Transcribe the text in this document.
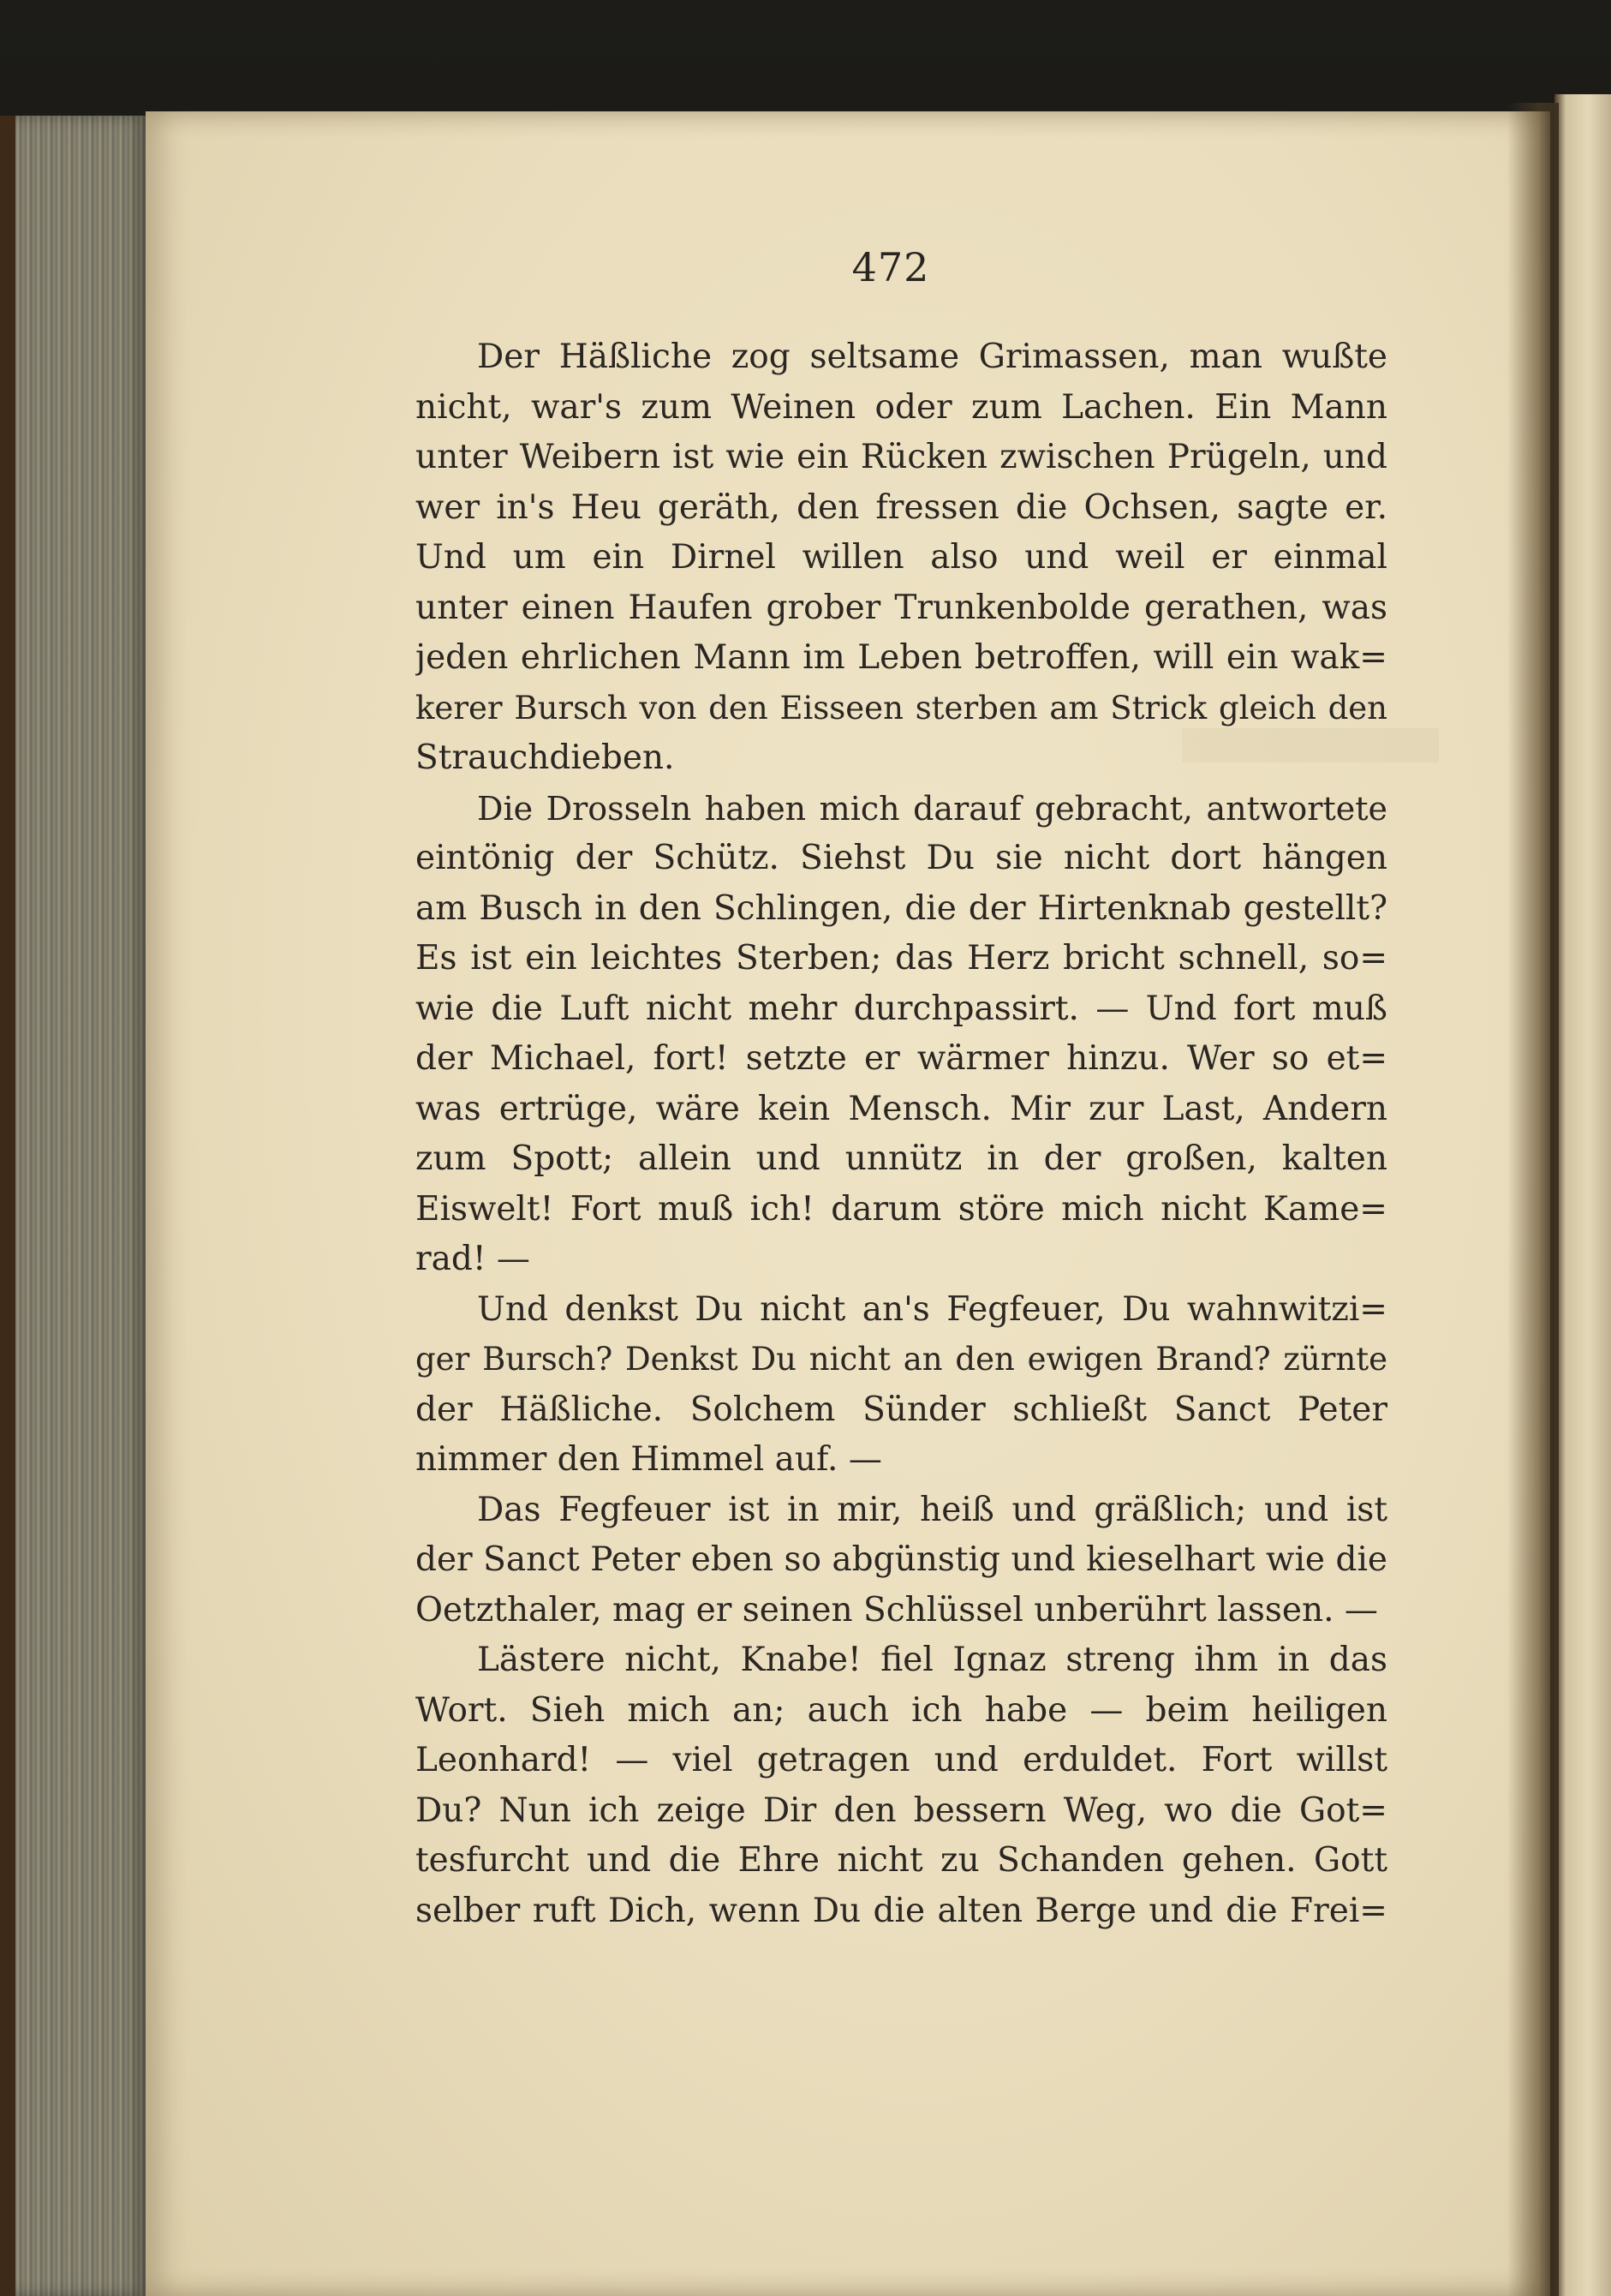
472
Der Häßliche zog seltsame Grimassen, man wußte
nicht, war's zum Weinen oder zum Lachen. Ein Mann
unter Weibern ist wie ein Rücken zwischen Prügeln, und
wer in's Heu geräth, den fressen die Ochsen, sagte er.
Und um ein Dirnel willen also und weil er einmal
unter einen Haufen grober Trunkenbolde gerathen, was
jeden ehrlichen Mann im Leben betroffen, will ein wak=
kerer Bursch von den Eisseen sterben am Strick gleich den
Strauchdieben.
Die Drosseln haben mich darauf gebracht, antwortete
eintönig der Schütz. Siehst Du sie nicht dort hängen
am Busch in den Schlingen, die der Hirtenknab gestellt?
Es ist ein leichtes Sterben; das Herz bricht schnell, so=
wie die Luft nicht mehr durchpassirt. — Und fort muß
der Michael, fort! setzte er wärmer hinzu. Wer so et=
was ertrüge, wäre kein Mensch. Mir zur Last, Andern
zum Spott; allein und unnütz in der großen, kalten
Eiswelt! Fort muß ich! darum störe mich nicht Kame=
rad! —
Und denkst Du nicht an's Fegfeuer, Du wahnwitzi=
ger Bursch? Denkst Du nicht an den ewigen Brand? zürnte
der Häßliche. Solchem Sünder schließt Sanct Peter
nimmer den Himmel auf. —
Das Fegfeuer ist in mir, heiß und gräßlich; und ist
der Sanct Peter eben so abgünstig und kieselhart wie die
Oetzthaler, mag er seinen Schlüssel unberührt lassen. —
Lästere nicht, Knabe! fiel Ignaz streng ihm in das
Wort. Sieh mich an; auch ich habe — beim heiligen
Leonhard! — viel getragen und erduldet. Fort willst
Du? Nun ich zeige Dir den bessern Weg, wo die Got=
tesfurcht und die Ehre nicht zu Schanden gehen. Gott
selber ruft Dich, wenn Du die alten Berge und die Frei=
